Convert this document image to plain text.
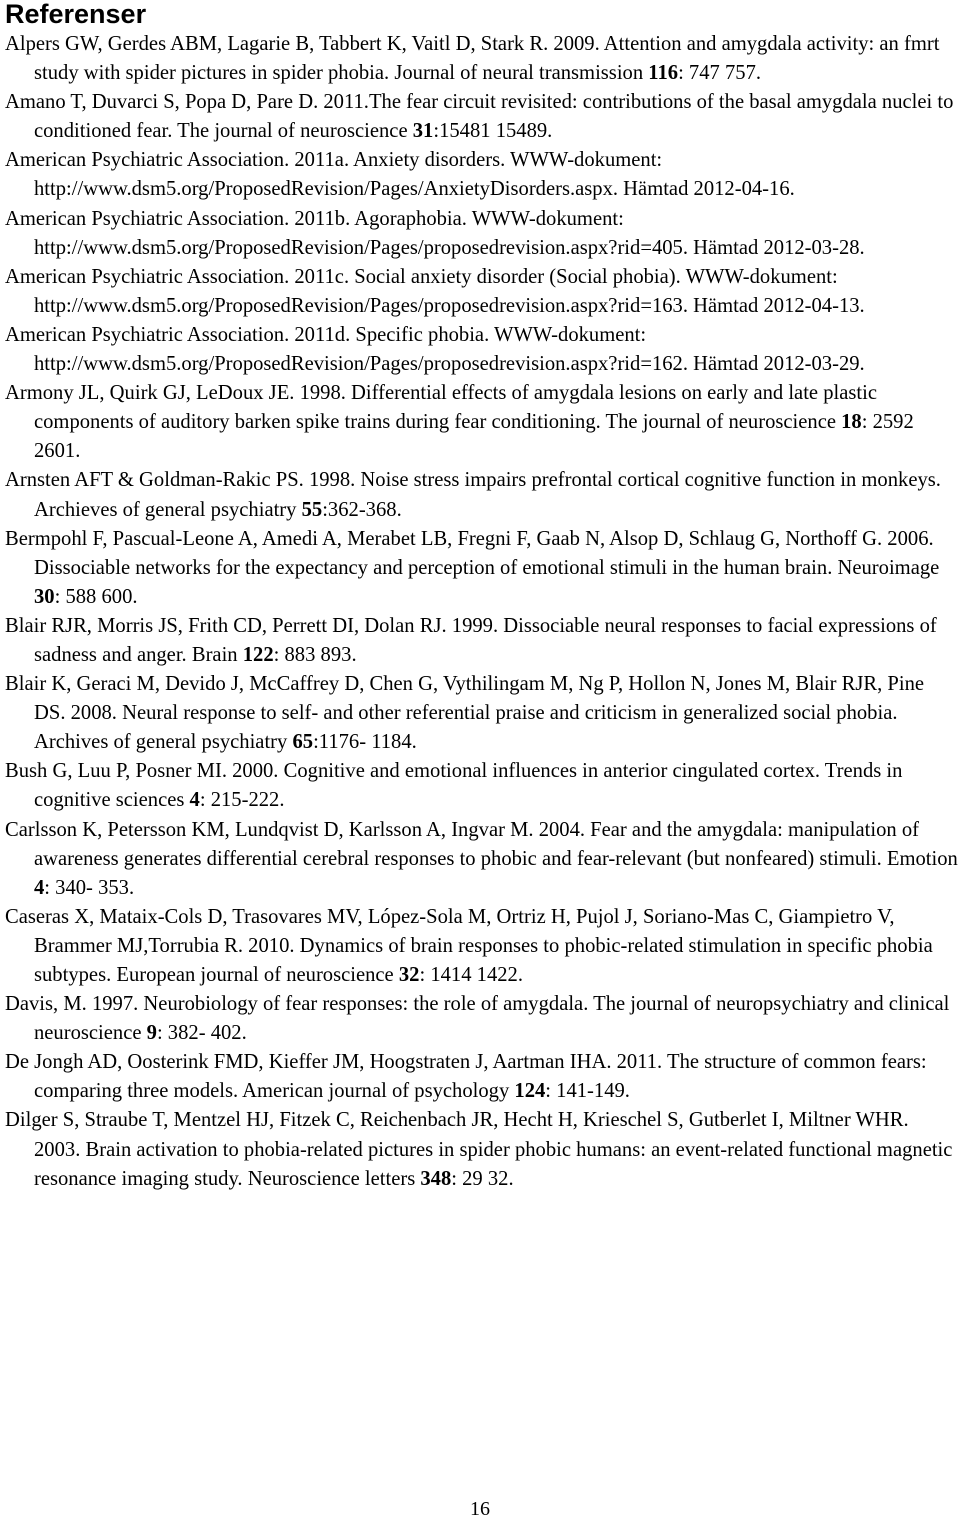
Referenser

Alpers GW, Gerdes ABM, Lagarie B, Tabbert K, Vaitl D, Stark R. 2009. Attention and amygdala activity: an fmrt study with spider pictures in spider phobia. Journal of neural transmission 116: 747 757.

Amano T, Duvarci S, Popa D, Pare D. 2011.The fear circuit revisited: contributions of the basal amygdala nuclei to conditioned fear. The journal of neuroscience 31:15481 15489.

American Psychiatric Association. 2011a. Anxiety disorders. WWW-dokument: http://www.dsm5.org/ProposedRevision/Pages/AnxietyDisorders.aspx. Hämtad 2012-04-16.

American Psychiatric Association. 2011b. Agoraphobia. WWW-dokument: http://www.dsm5.org/ProposedRevision/Pages/proposedrevision.aspx?rid=405. Hämtad 2012-03-28.

American Psychiatric Association. 2011c. Social anxiety disorder (Social phobia). WWW-dokument: http://www.dsm5.org/ProposedRevision/Pages/proposedrevision.aspx?rid=163. Hämtad 2012-04-13.

American Psychiatric Association. 2011d. Specific phobia. WWW-dokument: http://www.dsm5.org/ProposedRevision/Pages/proposedrevision.aspx?rid=162. Hämtad 2012-03-29.

Armony JL, Quirk GJ, LeDoux JE. 1998. Differential effects of amygdala lesions on early and late plastic components of auditory barken spike trains during fear conditioning. The journal of neuroscience 18: 2592 2601.

Arnsten AFT & Goldman-Rakic PS. 1998. Noise stress impairs prefrontal cortical cognitive function in monkeys. Archieves of general psychiatry 55:362-368.

Bermpohl F, Pascual-Leone A, Amedi A, Merabet LB, Fregni F, Gaab N, Alsop D, Schlaug G, Northoff G. 2006. Dissociable networks for the expectancy and perception of emotional stimuli in the human brain. Neuroimage 30: 588 600.

Blair RJR, Morris JS, Frith CD, Perrett DI, Dolan RJ. 1999. Dissociable neural responses to facial expressions of sadness and anger. Brain 122: 883 893.

Blair K, Geraci M, Devido J, McCaffrey D, Chen G, Vythilingam M, Ng P, Hollon N, Jones M, Blair RJR, Pine DS. 2008. Neural response to self- and other referential praise and criticism in generalized social phobia. Archives of general psychiatry 65:1176- 1184.

Bush G, Luu P, Posner MI. 2000. Cognitive and emotional influences in anterior cingulated cortex. Trends in cognitive sciences 4: 215-222.

Carlsson K, Petersson KM, Lundqvist D, Karlsson A, Ingvar M. 2004. Fear and the amygdala: manipulation of awareness generates differential cerebral responses to phobic and fear-relevant (but nonfeared) stimuli. Emotion 4: 340- 353.

Caseras X, Mataix-Cols D, Trasovares MV, López-Sola M, Ortriz H, Pujol J, Soriano-Mas C, Giampietro V, Brammer MJ,Torrubia R. 2010. Dynamics of brain responses to phobic-related stimulation in specific phobia subtypes. European journal of neuroscience 32: 1414 1422.

Davis, M. 1997. Neurobiology of fear responses: the role of amygdala. The journal of neuropsychiatry and clinical neuroscience 9: 382- 402.

De Jongh AD, Oosterink FMD, Kieffer JM, Hoogstraten J, Aartman IHA. 2011. The structure of common fears: comparing three models. American journal of psychology 124: 141-149.

Dilger S, Straube T, Mentzel HJ, Fitzek C, Reichenbach JR, Hecht H, Krieschel S, Gutberlet I, Miltner WHR. 2003. Brain activation to phobia-related pictures in spider phobic humans: an event-related functional magnetic resonance imaging study. Neuroscience letters 348: 29 32.

16
